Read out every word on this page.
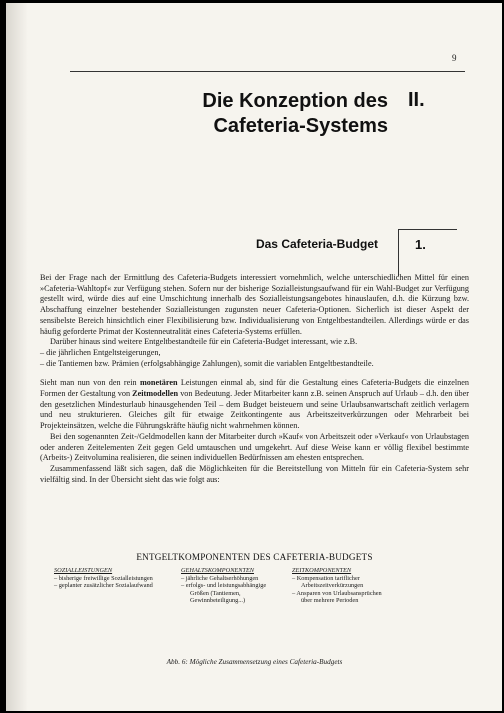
9
Die Konzeption des
Cafeteria-Systems
II.
Das Cafeteria-Budget	1.

Bei der Frage nach der Ermittlung des Cafeteria-Budgets interessiert vornehmlich, welche unterschiedlichen Mittel für einen »Cafeteria-Wahltopf« zur Verfügung stehen. Sofern nur der bisherige Sozialleistungsaufwand für ein Wahl-Budget zur Verfügung gestellt wird, würde dies auf eine Umschichtung innerhalb des Sozialleistungsangebotes hinauslaufen, d.h. die Kürzung bzw. Abschaffung einzelner bestehender Sozialleistungen zugunsten neuer Cafeteria-Optionen. Sicherlich ist dieser Aspekt der sensibelste Bereich hinsichtlich einer Flexibilisierung bzw. Individualisierung von Entgeltbestandteilen. Allerdings würde er das häufig geforderte Primat der Kostenneutralität eines Cafeteria-Systems erfüllen.

Darüber hinaus sind weitere Entgeltbestandteile für ein Cafeteria-Budget interessant, wie z.B.

– die jährlichen Entgeltsteigerungen,
– die Tantiemen bzw. Prämien (erfolgsabhängige Zahlungen), somit die variablen Entgeltbestandteile.

Sieht man nun von den rein monetären Leistungen einmal ab, sind für die Gestaltung eines Cafeteria-Budgets die einzelnen Formen der Gestaltung von Zeitmodellen von Bedeutung. Jeder Mitarbeiter kann z.B. seinen Anspruch auf Urlaub – d.h. den über den gesetzlichen Mindesturlaub hinausgehenden Teil – dem Budget beisteuern und seine Urlaubsanwartschaft zeitlich verlagern und neu strukturieren. Gleiches gilt für etwaige Zeitkontingente aus Arbeitszeitverkürzungen oder Mehrarbeit bei Projekteinsätzen, welche die Führungskräfte häufig nicht wahrnehmen können.

Bei den sogenannten Zeit-/Geldmodellen kann der Mitarbeiter durch »Kauf« von Arbeitszeit oder »Verkauf« von Urlaubstagen oder anderen Zeitelementen Zeit gegen Geld umtauschen und umgekehrt. Auf diese Weise kann er völlig flexibel bestimmte (Arbeits-) Zeitvolumina realisieren, die seinen individuellen Bedürfnissen am ehesten entsprechen.

Zusammenfassend läßt sich sagen, daß die Möglichkeiten für die Bereitstellung von Mitteln für ein Cafeteria-System sehr vielfältig sind. In der Übersicht sieht das wie folgt aus:

ENTGELTKOMPONENTEN DES CAFETERIA-BUDGETS
SOZIALLEISTUNGEN
– bisherige freiwillige Sozialleistungen
– geplanter zusätzlicher Sozialaufwand
GEHALTSKOMPONENTEN
– jährliche Gehaltserhöhungen
– erfolgs- und leistungsabhängige Größen (Tantiemen, Gewinnbeteiligung...)
ZEITKOMPONENTEN
– Kompensation tariflicher Arbeitszeitverkürzungen
– Ansparen von Urlaubsansprüchen über mehrere Perioden
Abb. 6: Mögliche Zusammensetzung eines Cafeteria-Budgets
